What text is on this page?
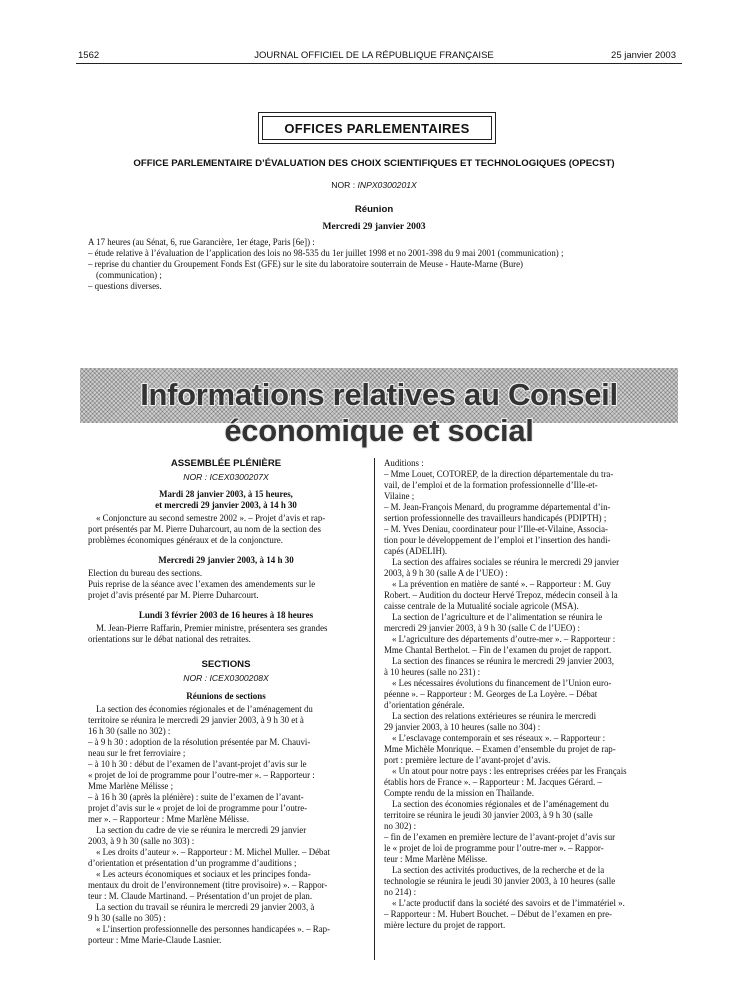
1562	JOURNAL OFFICIEL DE LA RÉPUBLIQUE FRANÇAISE	25 janvier 2003
OFFICES PARLEMENTAIRES
OFFICE PARLEMENTAIRE D’ÉVALUATION DES CHOIX SCIENTIFIQUES ET TECHNOLOGIQUES (OPECST)
NOR : INPX0300201X
Réunion
Mercredi 29 janvier 2003
A 17 heures (au Sénat, 6, rue Garancière, 1er étage, Paris [6e]) :
– étude relative à l’évaluation de l’application des lois no 98-535 du 1er juillet 1998 et no 2001-398 du 9 mai 2001 (communication) ;
– reprise du chantier du Groupement Fonds Est (GFE) sur le site du laboratoire souterrain de Meuse - Haute-Marne (Bure)
(communication) ;
– questions diverses.
Informations relatives au Conseil économique et social
ASSEMBLÉE PLÉNIÈRE
NOR : ICEX0300207X
Mardi 28 janvier 2003, à 15 heures,
et mercredi 29 janvier 2003, à 14 h 30
« Conjoncture au second semestre 2002 ». – Projet d’avis et rap-
port présentés par M. Pierre Duharcourt, au nom de la section des
problèmes économiques généraux et de la conjoncture.
Mercredi 29 janvier 2003, à 14 h 30
Election du bureau des sections.
Puis reprise de la séance avec l’examen des amendements sur le
projet d’avis présenté par M. Pierre Duharcourt.
Lundi 3 février 2003 de 16 heures à 18 heures
M. Jean-Pierre Raffarin, Premier ministre, présentera ses grandes
orientations sur le débat national des retraites.
SECTIONS
NOR : ICEX0300208X
Réunions de sections
La section des économies régionales et de l’aménagement du
territoire se réunira le mercredi 29 janvier 2003, à 9 h 30 et à
16 h 30 (salle no 302) :
– à 9 h 30 : adoption de la résolution présentée par M. Chauvi-
neau sur le fret ferroviaire ;
– à 10 h 30 : début de l’examen de l’avant-projet d’avis sur le
« projet de loi de programme pour l’outre-mer ». – Rapporteur :
Mme Marlène Mélisse ;
– à 16 h 30 (après la plénière) : suite de l’examen de l’avant-
projet d’avis sur le « projet de loi de programme pour l’outre-
mer ». – Rapporteur : Mme Marlène Mélisse.
La section du cadre de vie se réunira le mercredi 29 janvier
2003, à 9 h 30 (salle no 303) :
« Les droits d’auteur ». – Rapporteur : M. Michel Muller. – Débat
d’orientation et présentation d’un programme d’auditions ;
« Les acteurs économiques et sociaux et les principes fonda-
mentaux du droit de l’environnement (titre provisoire) ». – Rappor-
teur : M. Claude Martinand. – Présentation d’un projet de plan.
La section du travail se réunira le mercredi 29 janvier 2003, à
9 h 30 (salle no 305) :
« L’insertion professionnelle des personnes handicapées ». – Rap-
porteur : Mme Marie-Claude Lasnier.
Auditions :
– Mme Louet, COTOREP, de la direction départementale du tra-
vail, de l’emploi et de la formation professionnelle d’Ille-et-
Vilaine ;
– M. Jean-François Menard, du programme départemental d’in-
sertion professionnelle des travailleurs handicapés (PDIPTH) ;
– M. Yves Deniau, coordinateur pour l’Ille-et-Vilaine, Associa-
tion pour le développement de l’emploi et l’insertion des handi-
capés (ADELIH).
La section des affaires sociales se réunira le mercredi 29 janvier
2003, à 9 h 30 (salle A de l’UEO) :
« La prévention en matière de santé ». – Rapporteur : M. Guy
Robert. – Audition du docteur Hervé Trepoz, médecin conseil à la
caisse centrale de la Mutualité sociale agricole (MSA).
La section de l’agriculture et de l’alimentation se réunira le
mercredi 29 janvier 2003, à 9 h 30 (salle C de l’UEO) :
« L’agriculture des départements d’outre-mer ». – Rapporteur :
Mme Chantal Berthelot. – Fin de l’examen du projet de rapport.
La section des finances se réunira le mercredi 29 janvier 2003,
à 10 heures (salle no 231) :
« Les nécessaires évolutions du financement de l’Union euro-
péenne ». – Rapporteur : M. Georges de La Loyère. – Débat
d’orientation générale.
La section des relations extérieures se réunira le mercredi
29 janvier 2003, à 10 heures (salle no 304) :
« L’esclavage contemporain et ses réseaux ». – Rapporteur :
Mme Michèle Monrique. – Examen d’ensemble du projet de rap-
port : première lecture de l’avant-projet d’avis.
« Un atout pour notre pays : les entreprises créées par les Français
établis hors de France ». – Rapporteur : M. Jacques Gérard. –
Compte rendu de la mission en Thaïlande.
La section des économies régionales et de l’aménagement du
territoire se réunira le jeudi 30 janvier 2003, à 9 h 30 (salle
no 302) :
– fin de l’examen en première lecture de l’avant-projet d’avis sur
le « projet de loi de programme pour l’outre-mer ». – Rappor-
teur : Mme Marlène Mélisse.
La section des activités productives, de la recherche et de la
technologie se réunira le jeudi 30 janvier 2003, à 10 heures (salle
no 214) :
« L’acte productif dans la société des savoirs et de l’immatériel ».
– Rapporteur : M. Hubert Bouchet. – Début de l’examen en pre-
mière lecture du projet de rapport.
